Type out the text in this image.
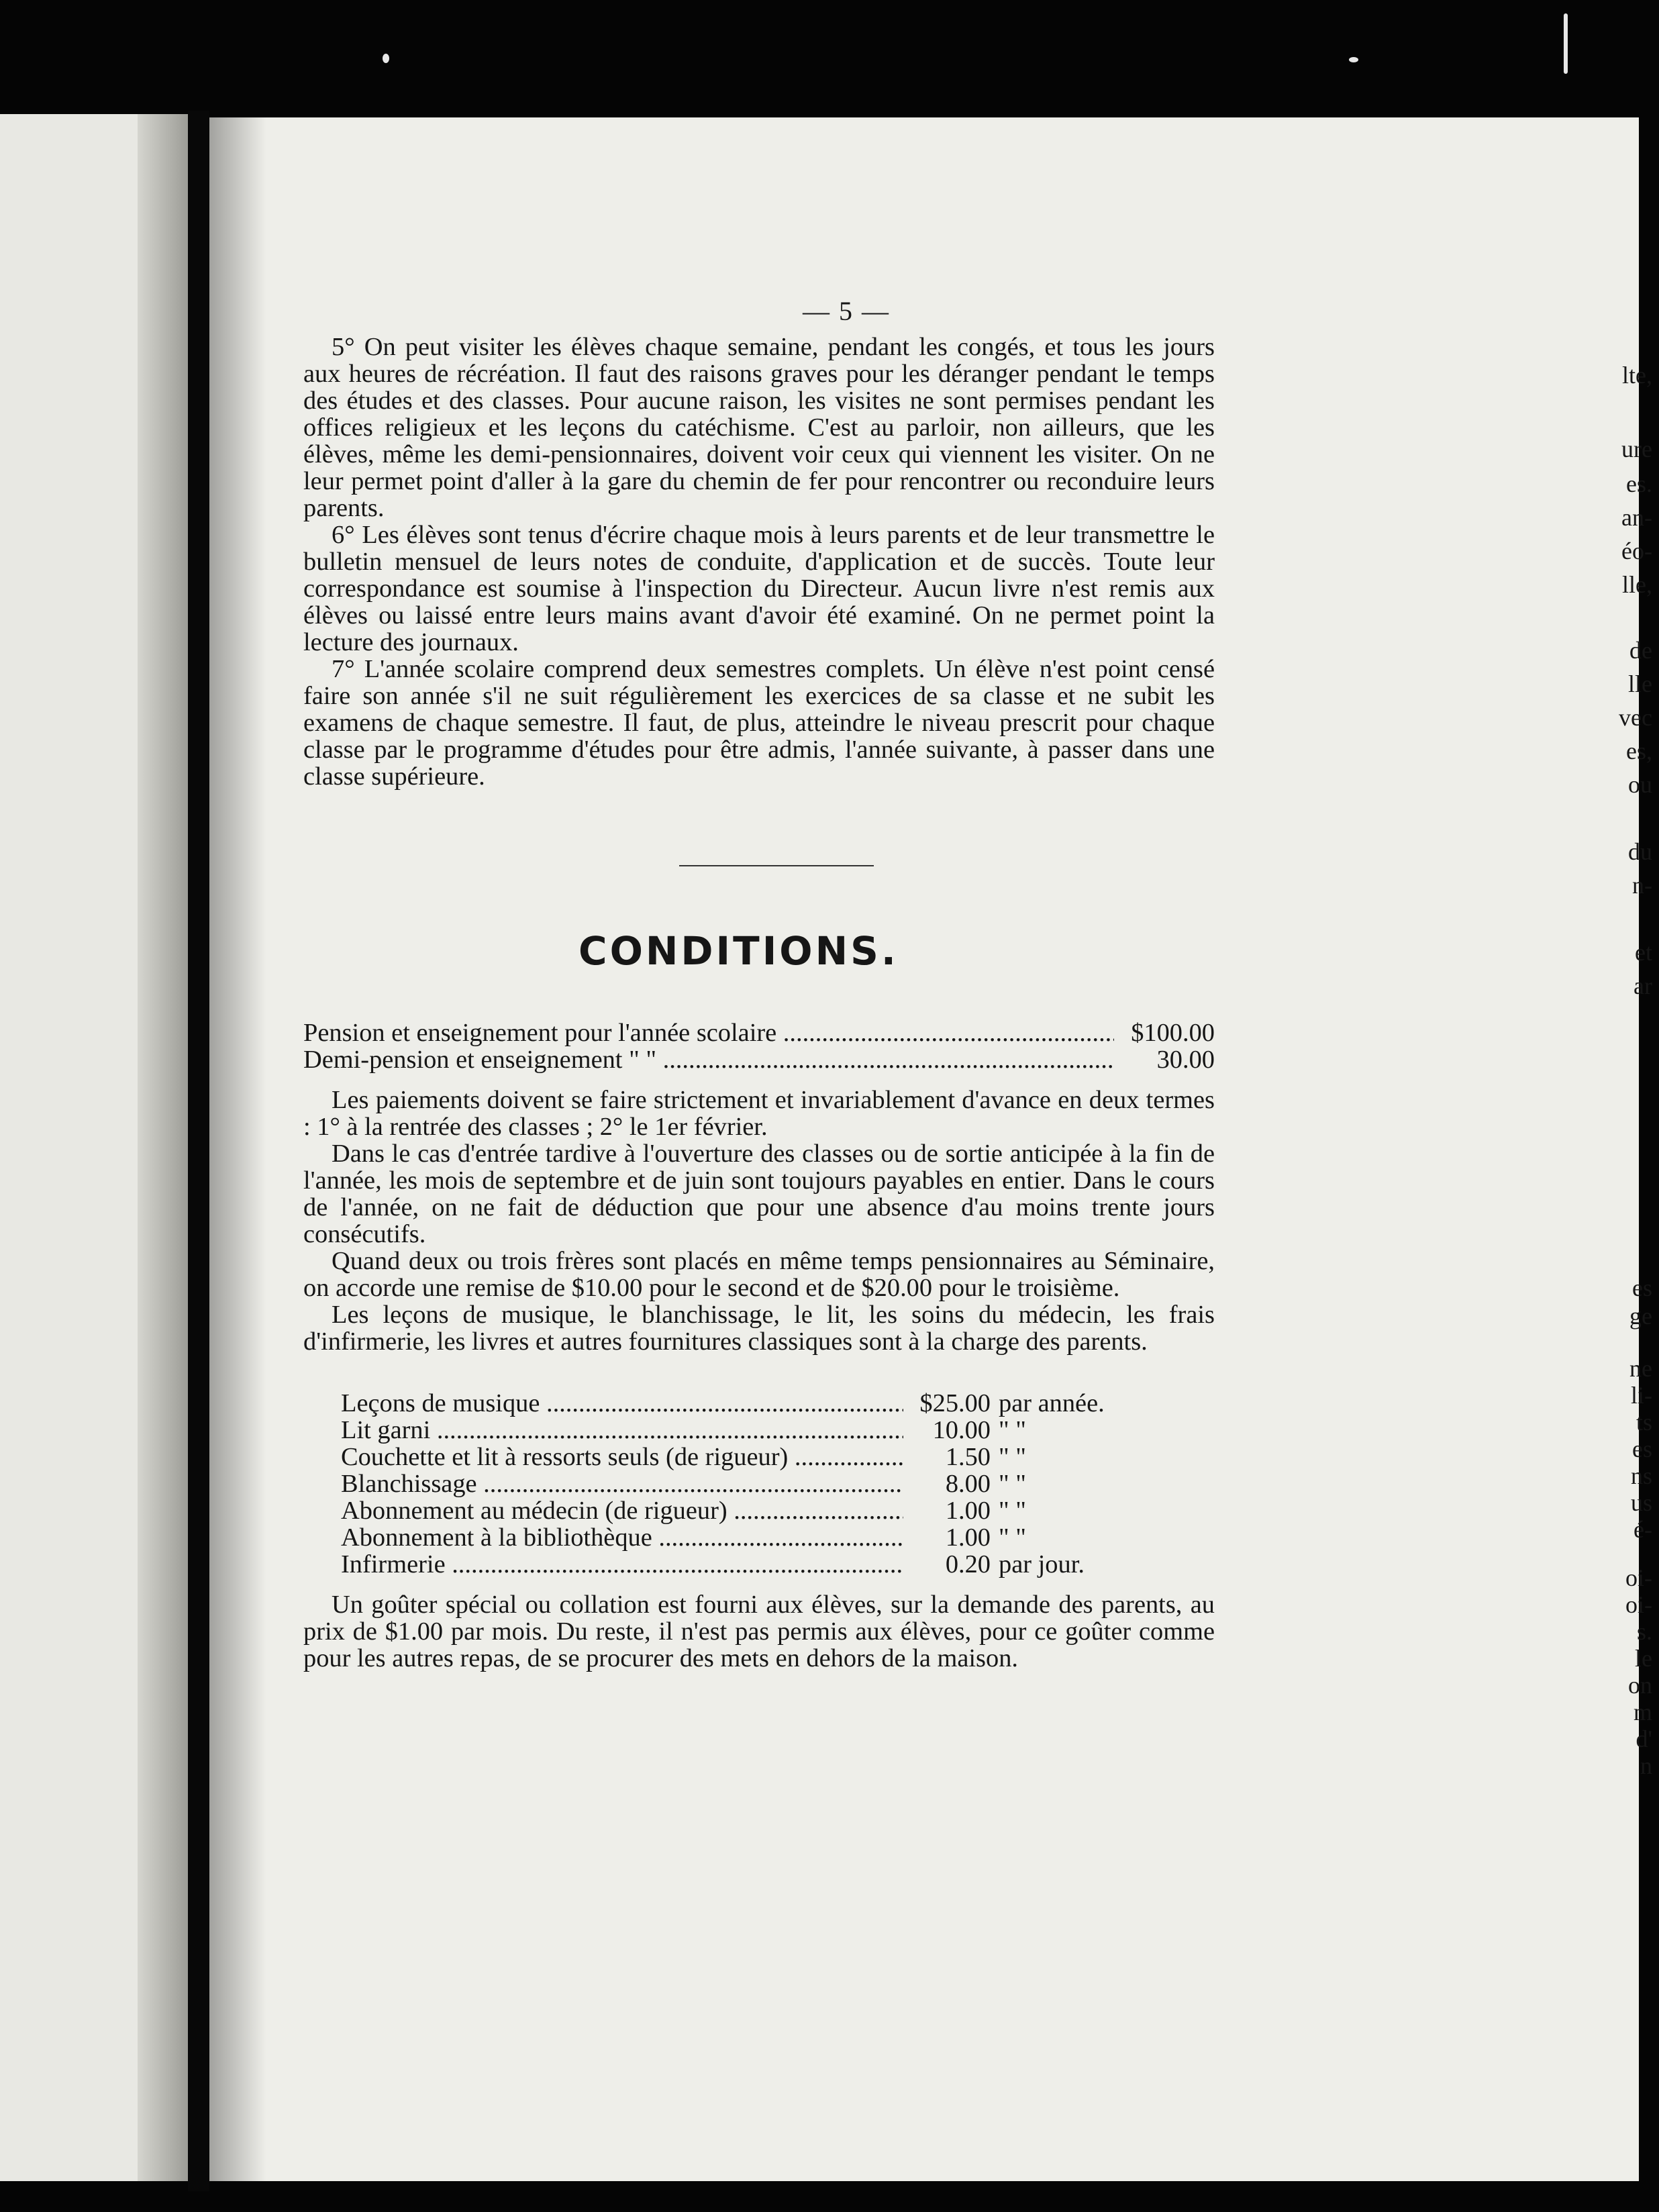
lte,
ure
es.
an-
éo-
lle,
de
lle
vec
es,
ou
du
n-
et
ar
es
ge
ne
li-
ts
es
ns
us
é-
oi-
oi-
s.
le
on
m
d'
n
— 5 —

5° On peut visiter les élèves chaque semaine, pendant les congés, et tous les jours aux heures de récréation. Il faut des raisons graves pour les déranger pendant le temps des études et des classes. Pour aucune raison, les visites ne sont permises pendant les offices religieux et les leçons du catéchisme. C'est au parloir, non ailleurs, que les élèves, même les demi-pensionnaires, doivent voir ceux qui viennent les visiter. On ne leur permet point d'aller à la gare du chemin de fer pour rencontrer ou reconduire leurs parents.

6° Les élèves sont tenus d'écrire chaque mois à leurs parents et de leur transmettre le bulletin mensuel de leurs notes de conduite, d'application et de succès. Toute leur correspondance est soumise à l'inspection du Directeur. Aucun livre n'est remis aux élèves ou laissé entre leurs mains avant d'avoir été examiné. On ne permet point la lecture des journaux.

7° L'année scolaire comprend deux semestres complets. Un élève n'est point censé faire son année s'il ne suit régulièrement les exercices de sa classe et ne subit les examens de chaque semestre. Il faut, de plus, atteindre le niveau prescrit pour chaque classe par le programme d'études pour être admis, l'année suivante, à passer dans une classe supérieure.

CONDITIONS.
Pension et enseignement pour l'année scolaire .....	$100.00
Demi-pension et enseignement " " .....	30.00

Les paiements doivent se faire strictement et invariablement d'avance en deux termes : 1° à la rentrée des classes ; 2° le 1er février.

Dans le cas d'entrée tardive à l'ouverture des classes ou de sortie anticipée à la fin de l'année, les mois de septembre et de juin sont toujours payables en entier. Dans le cours de l'année, on ne fait de déduction que pour une absence d'au moins trente jours consécutifs.

Quand deux ou trois frères sont placés en même temps pensionnaires au Séminaire, on accorde une remise de $10.00 pour le second et de $20.00 pour le troisième.

Les leçons de musique, le blanchissage, le lit, les soins du médecin, les frais d'infirmerie, les livres et autres fournitures classiques sont à la charge des parents.

Leçons de musique .....	$25.00 par année.
Lit garni .....	10.00 " "
Couchette et lit à ressorts seuls (de rigueur) .....	1.50 " "
Blanchissage .....	8.00 " "
Abonnement au médecin (de rigueur) .....	1.00 " "
Abonnement à la bibliothèque .....	1.00 " "
Infirmerie .....	0.20 par jour.

Un goûter spécial ou collation est fourni aux élèves, sur la demande des parents, au prix de $1.00 par mois. Du reste, il n'est pas permis aux élèves, pour ce goûter comme pour les autres repas, de se procurer des mets en dehors de la maison.
